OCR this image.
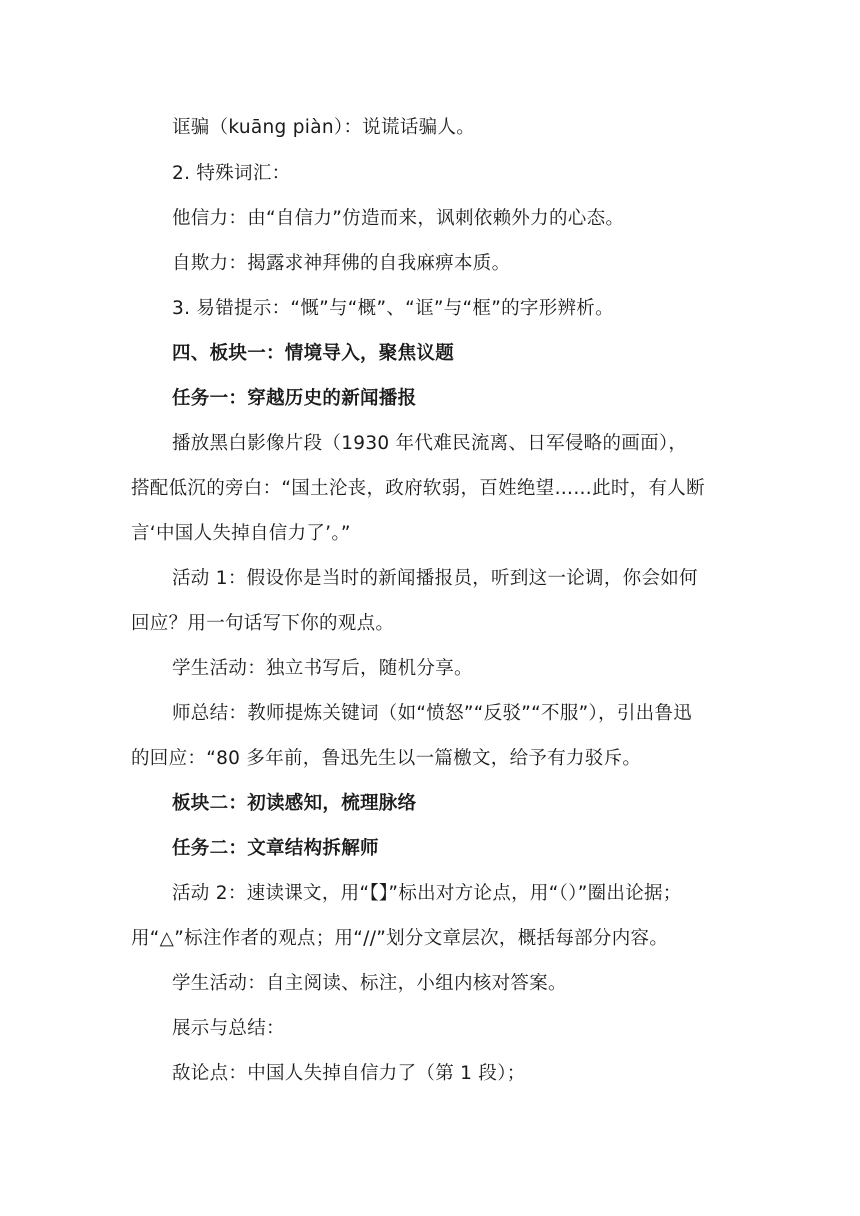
诓骗（kuāng piàn）：说谎话骗人。
2. 特殊词汇：
他信力：由“自信力”仿造而来，讽刺依赖外力的心态。
自欺力：揭露求神拜佛的自我麻痹本质。
3. 易错提示：“慨”与“概”、“诓”与“框”的字形辨析。
四、板块一：情境导入，聚焦议题
任务一：穿越历史的新闻播报
播放黑白影像片段（1930 年代难民流离、日军侵略的画面），
搭配低沉的旁白：“国土沦丧，政府软弱，百姓绝望……此时，有人断
言‘中国人失掉自信力了’。”
活动 1：假设你是当时的新闻播报员，听到这一论调，你会如何
回应？用一句话写下你的观点。
学生活动：独立书写后，随机分享。
师总结：教师提炼关键词（如“愤怒”“反驳”“不服”），引出鲁迅
的回应：“80 多年前，鲁迅先生以一篇檄文，给予有力驳斥。
板块二：初读感知，梳理脉络
任务二：文章结构拆解师
活动 2：速读课文，用“【】”标出对方论点，用“（）”圈出论据；
用“△”标注作者的观点；用“//”划分文章层次，概括每部分内容。
学生活动：自主阅读、标注，小组内核对答案。
展示与总结：
敌论点：中国人失掉自信力了（第 1 段）；
